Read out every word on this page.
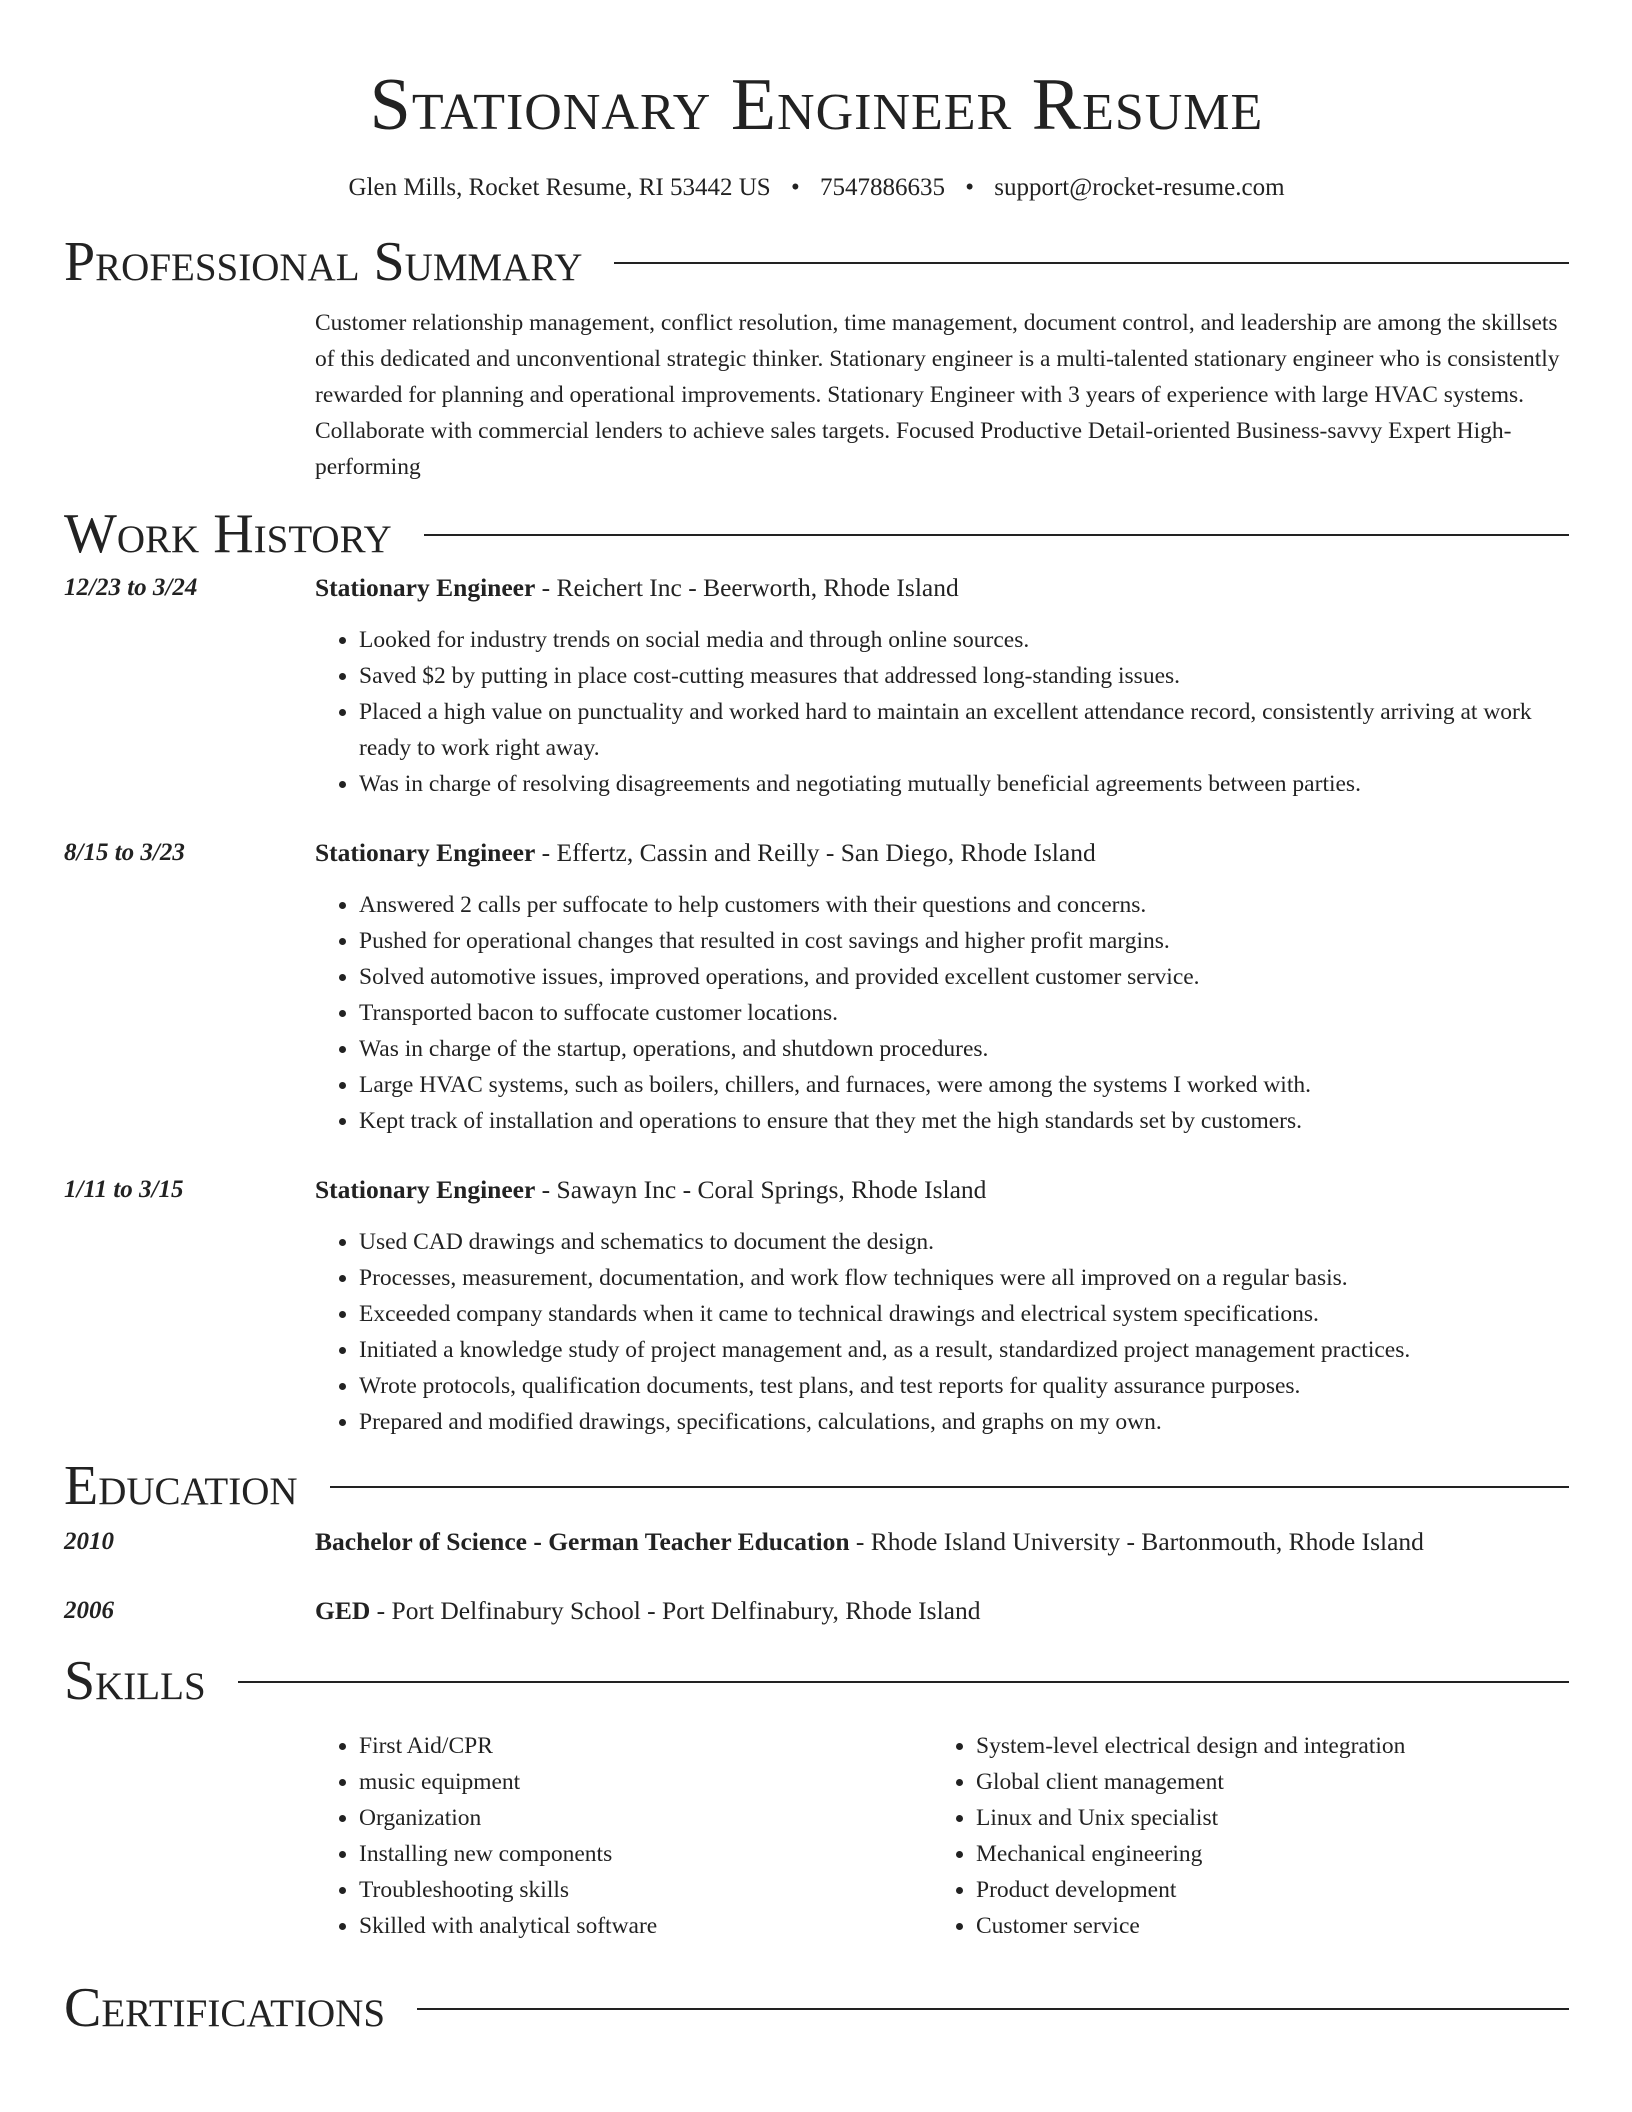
Stationary Engineer Resume
Glen Mills, Rocket Resume, RI 53442 US • 7547886635 • support@rocket-resume.com
Professional Summary
Customer relationship management, conflict resolution, time management, document control, and leadership are among the skillsets of this dedicated and unconventional strategic thinker. Stationary engineer is a multi-talented stationary engineer who is consistently rewarded for planning and operational improvements. Stationary Engineer with 3 years of experience with large HVAC systems. Collaborate with commercial lenders to achieve sales targets. Focused Productive Detail-oriented Business-savvy Expert High-performing
Work History
12/23 to 3/24	Stationary Engineer - Reichert Inc - Beerworth, Rhode Island
• Looked for industry trends on social media and through online sources.
• Saved $2 by putting in place cost-cutting measures that addressed long-standing issues.
• Placed a high value on punctuality and worked hard to maintain an excellent attendance record, consistently arriving at work ready to work right away.
• Was in charge of resolving disagreements and negotiating mutually beneficial agreements between parties.
8/15 to 3/23	Stationary Engineer - Effertz, Cassin and Reilly - San Diego, Rhode Island
• Answered 2 calls per suffocate to help customers with their questions and concerns.
• Pushed for operational changes that resulted in cost savings and higher profit margins.
• Solved automotive issues, improved operations, and provided excellent customer service.
• Transported bacon to suffocate customer locations.
• Was in charge of the startup, operations, and shutdown procedures.
• Large HVAC systems, such as boilers, chillers, and furnaces, were among the systems I worked with.
• Kept track of installation and operations to ensure that they met the high standards set by customers.
1/11 to 3/15	Stationary Engineer - Sawayn Inc - Coral Springs, Rhode Island
• Used CAD drawings and schematics to document the design.
• Processes, measurement, documentation, and work flow techniques were all improved on a regular basis.
• Exceeded company standards when it came to technical drawings and electrical system specifications.
• Initiated a knowledge study of project management and, as a result, standardized project management practices.
• Wrote protocols, qualification documents, test plans, and test reports for quality assurance purposes.
• Prepared and modified drawings, specifications, calculations, and graphs on my own.
Education
2010	Bachelor of Science - German Teacher Education - Rhode Island University - Bartonmouth, Rhode Island
2006	GED - Port Delfinabury School - Port Delfinabury, Rhode Island
Skills
• First Aid/CPR
• music equipment
• Organization
• Installing new components
• Troubleshooting skills
• Skilled with analytical software
• System-level electrical design and integration
• Global client management
• Linux and Unix specialist
• Mechanical engineering
• Product development
• Customer service
Certifications
